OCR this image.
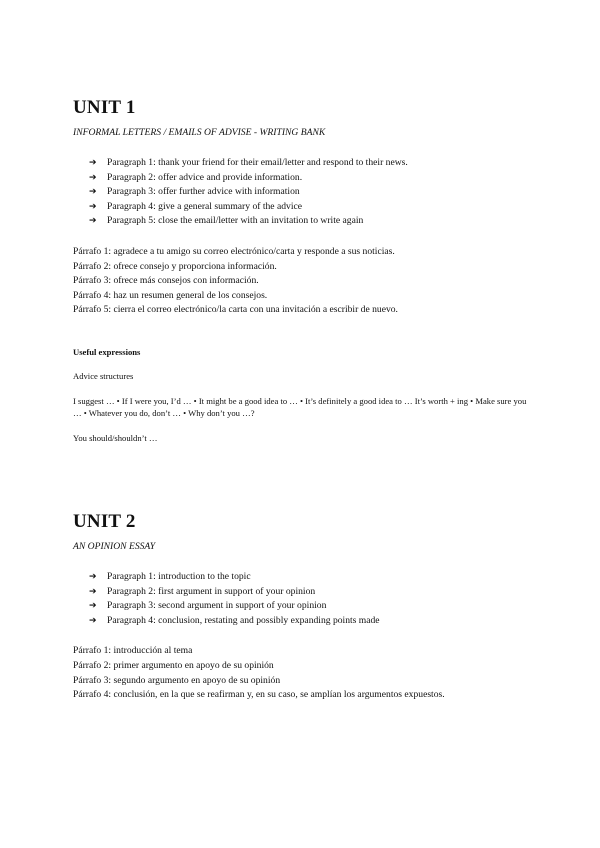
UNIT 1

INFORMAL LETTERS / EMAILS OF ADVISE - WRITING BANK

➔	Paragraph 1: thank your friend for their email/letter and respond to their news.
➔	Paragraph 2: offer advice and provide information.
➔	Paragraph 3: offer further advice with information
➔	Paragraph 4: give a general summary of the advice
➔	Paragraph 5: close the email/letter with an invitation to write again
Párrafo 1: agradece a tu amigo su correo electrónico/carta y responde a sus noticias.
Párrafo 2: ofrece consejo y proporciona información.
Párrafo 3: ofrece más consejos con información.
Párrafo 4: haz un resumen general de los consejos.
Párrafo 5: cierra el correo electrónico/la carta con una invitación a escribir de nuevo.

Useful expressions

Advice structures

I suggest … • If I were you, I’d … • It might be a good idea to … • It’s definitely a good idea to … It’s worth + ing • Make sure you … • Whatever you do, don’t … • Why don’t you …?

You should/shouldn’t …

UNIT 2

AN OPINION ESSAY

➔	Paragraph 1: introduction to the topic
➔	Paragraph 2: first argument in support of your opinion
➔	Paragraph 3: second argument in support of your opinion
➔	Paragraph 4: conclusion, restating and possibly expanding points made
Párrafo 1: introducción al tema
Párrafo 2: primer argumento en apoyo de su opinión
Párrafo 3: segundo argumento en apoyo de su opinión
Párrafo 4: conclusión, en la que se reafirman y, en su caso, se amplían los argumentos expuestos.
